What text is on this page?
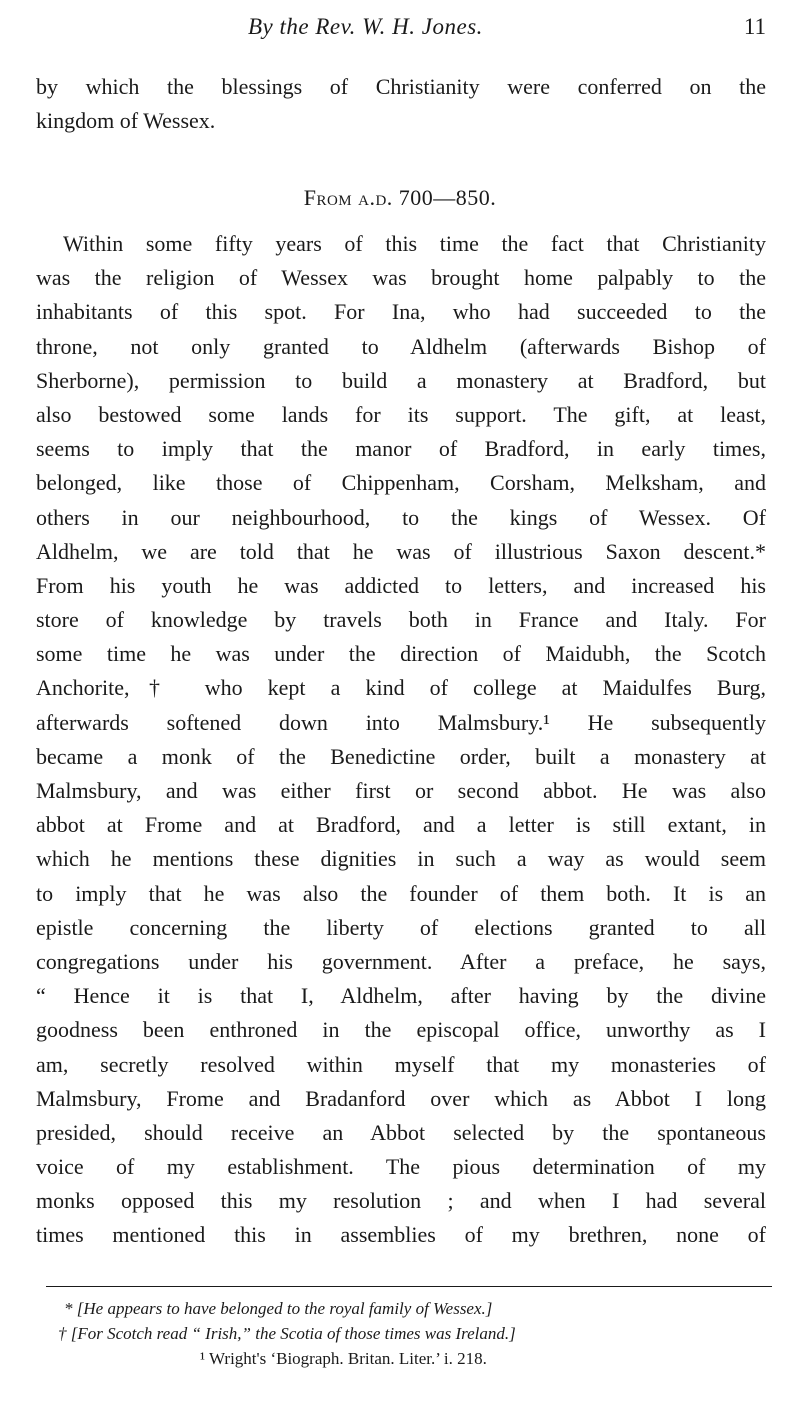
By the Rev. W. H. Jones.	11
by which the blessings of Christianity were conferred on the
kingdom of Wessex.
From a.d. 700—850.
Within some fifty years of this time the fact that Christianity
was the religion of Wessex was brought home palpably to the
inhabitants of this spot. For Ina, who had succeeded to the
throne, not only granted to Aldhelm (afterwards Bishop of
Sherborne), permission to build a monastery at Bradford, but
also bestowed some lands for its support. The gift, at least,
seems to imply that the manor of Bradford, in early times,
belonged, like those of Chippenham, Corsham, Melksham, and
others in our neighbourhood, to the kings of Wessex. Of
Aldhelm, we are told that he was of illustrious Saxon descent.*
From his youth he was addicted to letters, and increased his
store of knowledge by travels both in France and Italy. For
some time he was under the direction of Maidubh, the Scotch
Anchorite,† who kept a kind of college at Maidulfes Burg,
afterwards softened down into Malmsbury.¹ He subsequently
became a monk of the Benedictine order, built a monastery at
Malmsbury, and was either first or second abbot. He was also
abbot at Frome and at Bradford, and a letter is still extant, in
which he mentions these dignities in such a way as would seem
to imply that he was also the founder of them both. It is an
epistle concerning the liberty of elections granted to all
congregations under his government. After a preface, he says,
“ Hence it is that I, Aldhelm, after having by the divine
goodness been enthroned in the episcopal office, unworthy as I
am, secretly resolved within myself that my monasteries of
Malmsbury, Frome and Bradanford over which as Abbot I long
presided, should receive an Abbot selected by the spontaneous
voice of my establishment. The pious determination of my
monks opposed this my resolution ; and when I had several
times mentioned this in assemblies of my brethren, none of
* [He appears to have belonged to the royal family of Wessex.]
† [For Scotch read “ Irish,” the Scotia of those times was Ireland.]
¹ Wright's ‘Biograph. Britan. Liter.’ i. 218.
